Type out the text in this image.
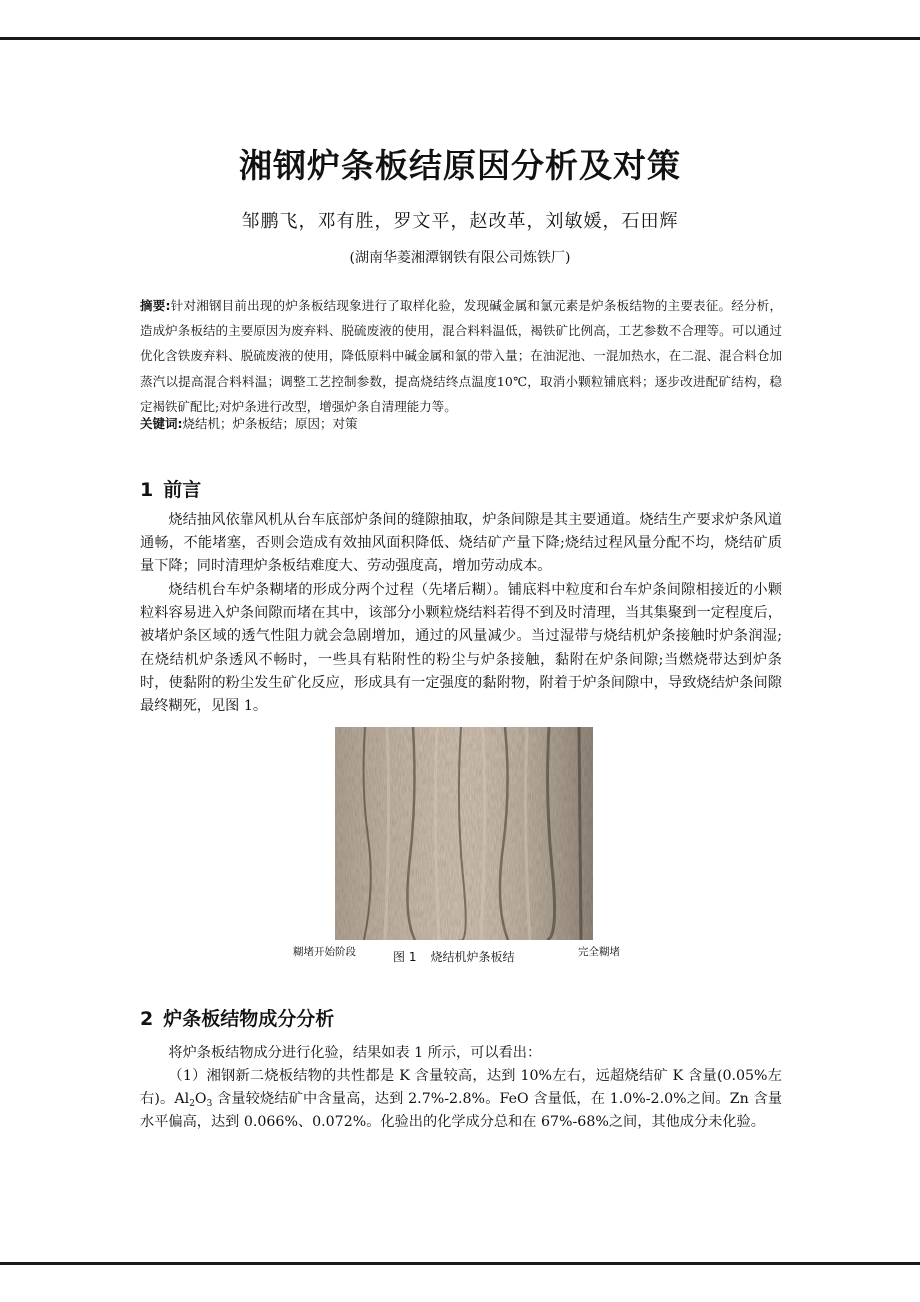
湘钢炉条板结原因分析及对策
邹鹏飞，邓有胜，罗文平，赵改革，刘敏媛，石田辉
(湖南华菱湘潭钢铁有限公司炼铁厂)
摘要:针对湘钢目前出现的炉条板结现象进行了取样化验，发现碱金属和氯元素是炉条板结物的主要表征。经分析，造成炉条板结的主要原因为废弃料、脱硫废液的使用，混合料料温低，褐铁矿比例高，工艺参数不合理等。可以通过优化含铁废弃料、脱硫废液的使用，降低原料中碱金属和氯的带入量；在油泥池、一混加热水，在二混、混合料仓加蒸汽以提高混合料料温；调整工艺控制参数，提高烧结终点温度10℃，取消小颗粒铺底料；逐步改进配矿结构，稳定褐铁矿配比;对炉条进行改型，增强炉条自清理能力等。
关键词:烧结机；炉条板结；原因；对策
1 前言

烧结抽风依靠风机从台车底部炉条间的缝隙抽取，炉条间隙是其主要通道。烧结生产要求炉条风道通畅，不能堵塞，否则会造成有效抽风面积降低、烧结矿产量下降;烧结过程风量分配不均，烧结矿质量下降；同时清理炉条板结难度大、劳动强度高，增加劳动成本。

烧结机台车炉条糊堵的形成分两个过程（先堵后糊）。铺底料中粒度和台车炉条间隙相接近的小颗粒料容易进入炉条间隙而堵在其中，该部分小颗粒烧结料若得不到及时清理，当其集聚到一定程度后，被堵炉条区域的透气性阻力就会急剧增加，通过的风量减少。当过湿带与烧结机炉条接触时炉条润湿;在烧结机炉条透风不畅时，一些具有粘附性的粉尘与炉条接触，黏附在炉条间隙;当燃烧带达到炉条时，使黏附的粉尘发生矿化反应，形成具有一定强度的黏附物，附着于炉条间隙中，导致烧结炉条间隙最终糊死，见图 1。

糊堵开始阶段	完全糊堵
图 1 烧结机炉条板结
2 炉条板结物成分分析

将炉条板结物成分进行化验，结果如表 1 所示，可以看出：

（1）湘钢新二烧板结物的共性都是 K 含量较高，达到 10%左右，远超烧结矿 K 含量(0.05%左右)。$Al_2O_3$ 含量较烧结矿中含量高，达到 2.7%-2.8%。FeO 含量低，在 1.0%-2.0%之间。Zn 含量水平偏高，达到 0.066%、0.072%。化验出的化学成分总和在 67%-68%之间，其他成分未化验。
